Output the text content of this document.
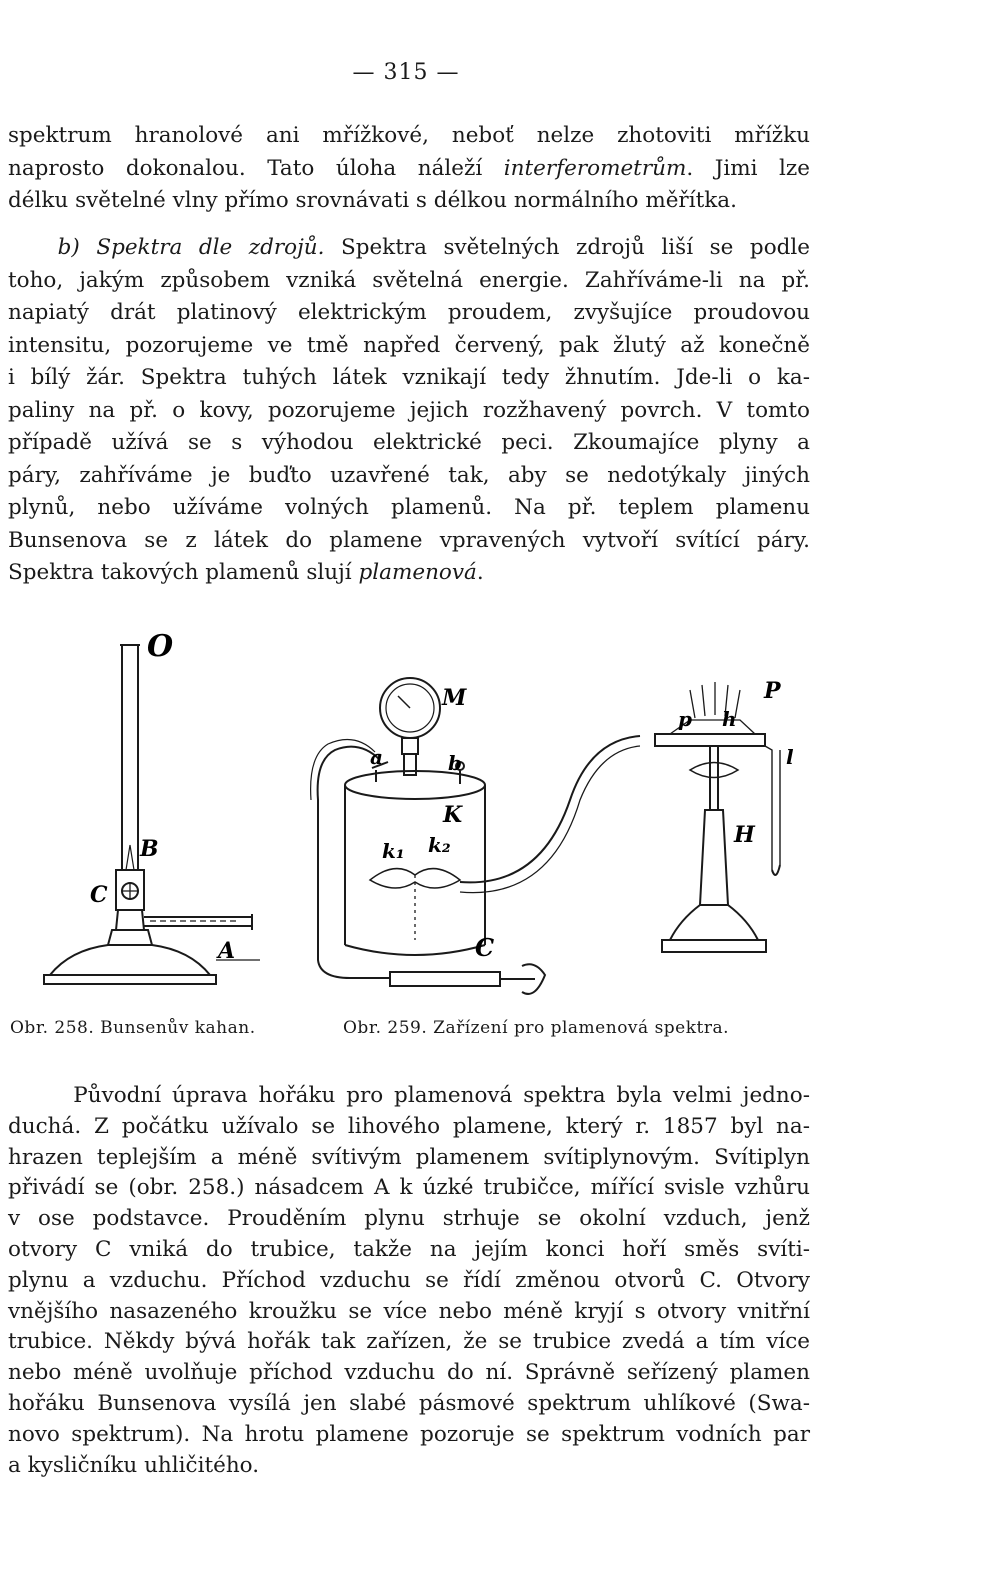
— 315 —
spektrum hranolové ani mřížkové, neboť nelze zhotoviti mřížku
naprosto dokonalou. Tato úloha náleží interferometrům. Jimi lze
délku světelné vlny přímo srovnávati s délkou normálního měřítka.
b) Spektra dle zdrojů. Spektra světelných zdrojů liší se podle
toho, jakým způsobem vzniká světelná energie. Zahříváme-li na př.
napiatý drát platinový elektrickým proudem, zvyšujíce proudovou
intensitu, pozorujeme ve tmě napřed červený, pak žlutý až konečně
i bílý žár. Spektra tuhých látek vznikají tedy žhnutím. Jde-li o ka-
paliny na př. o kovy, pozorujeme jejich rozžhavený povrch. V tomto
případě užívá se s výhodou elektrické peci. Zkoumajíce plyny a
páry, zahříváme je buďto uzavřené tak, aby se nedotýkaly jiných
plynů, nebo užíváme volných plamenů. Na př. teplem plamenu
Bunsenova se z látek do plamene vpravených vytvoří svítící páry.
Spektra takových plamenů slují plamenová.
O
B
C
A
Obr. 258. Bunsenův kahan.
M
a	b
K
k₁ k₂
C
P
p h
l
H
Obr. 259. Zařízení pro plamenová spektra.
Původní úprava hořáku pro plamenová spektra byla velmi jedno-
duchá. Z počátku užívalo se lihového plamene, který r. 1857 byl na-
hrazen teplejším a méně svítivým plamenem svítiplynovým. Svítiplyn
přivádí se (obr. 258.) násadcem A k úzké trubičce, mířící svisle vzhůru
v ose podstavce. Prouděním plynu strhuje se okolní vzduch, jenž
otvory C vniká do trubice, takže na jejím konci hoří směs svíti-
plynu a vzduchu. Příchod vzduchu se řídí změnou otvorů C. Otvory
vnějšího nasazeného kroužku se více nebo méně kryjí s otvory vnitřní
trubice. Někdy bývá hořák tak zařízen, že se trubice zvedá a tím více
nebo méně uvolňuje příchod vzduchu do ní. Správně seřízený plamen
hořáku Bunsenova vysílá jen slabé pásmové spektrum uhlíkové (Swa-
novo spektrum). Na hrotu plamene pozoruje se spektrum vodních par
a kysličníku uhličitého.
